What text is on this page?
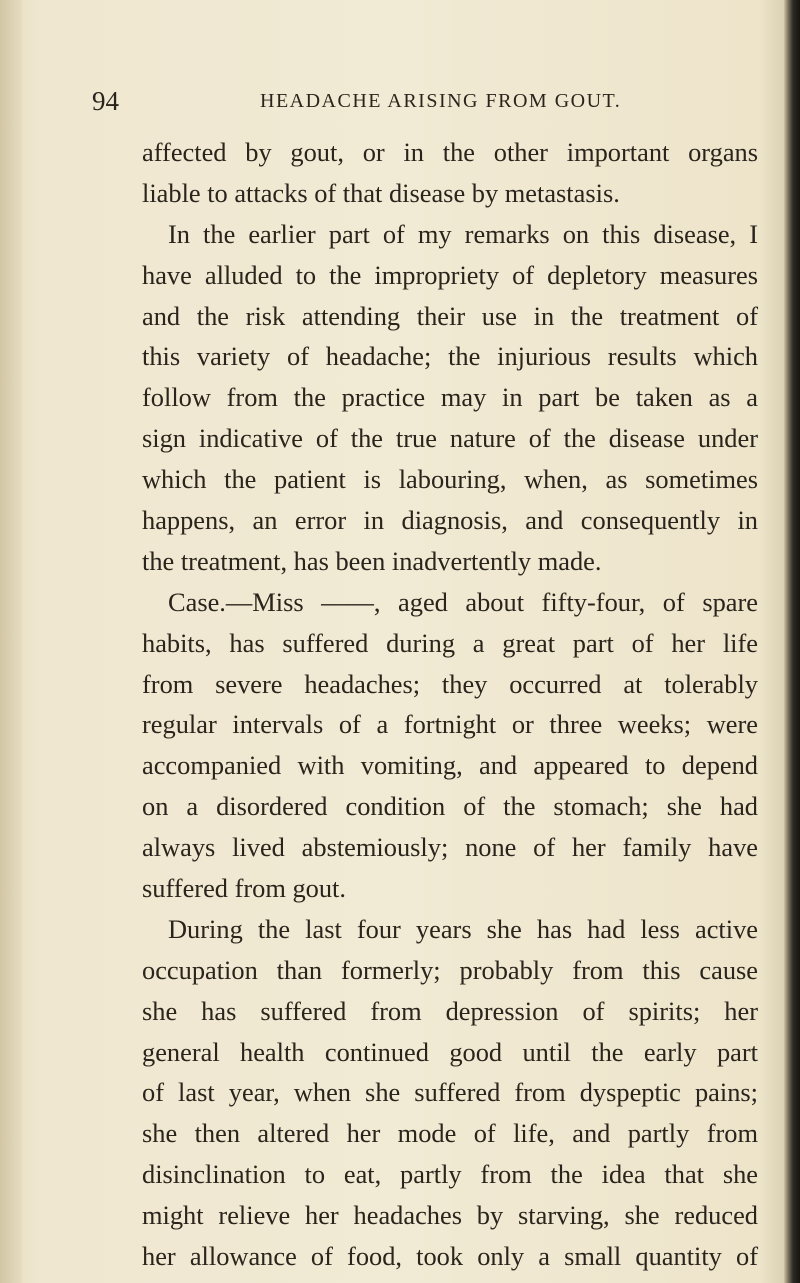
94	HEADACHE ARISING FROM GOUT.
affected by gout, or in the other important organs
liable to attacks of that disease by metastasis.
In the earlier part of my remarks on this disease, I
have alluded to the impropriety of depletory measures
and the risk attending their use in the treatment of
this variety of headache; the injurious results which
follow from the practice may in part be taken as a
sign indicative of the true nature of the disease under
which the patient is labouring, when, as sometimes
happens, an error in diagnosis, and consequently in
the treatment, has been inadvertently made.
Case.—Miss ——, aged about fifty-four, of spare
habits, has suffered during a great part of her life
from severe headaches; they occurred at tolerably
regular intervals of a fortnight or three weeks; were
accompanied with vomiting, and appeared to depend
on a disordered condition of the stomach; she had
always lived abstemiously; none of her family have
suffered from gout.
During the last four years she has had less active
occupation than formerly; probably from this cause
she has suffered from depression of spirits; her
general health continued good until the early part
of last year, when she suffered from dyspeptic pains;
she then altered her mode of life, and partly from
disinclination to eat, partly from the idea that she
might relieve her headaches by starving, she reduced
her allowance of food, took only a small quantity of
